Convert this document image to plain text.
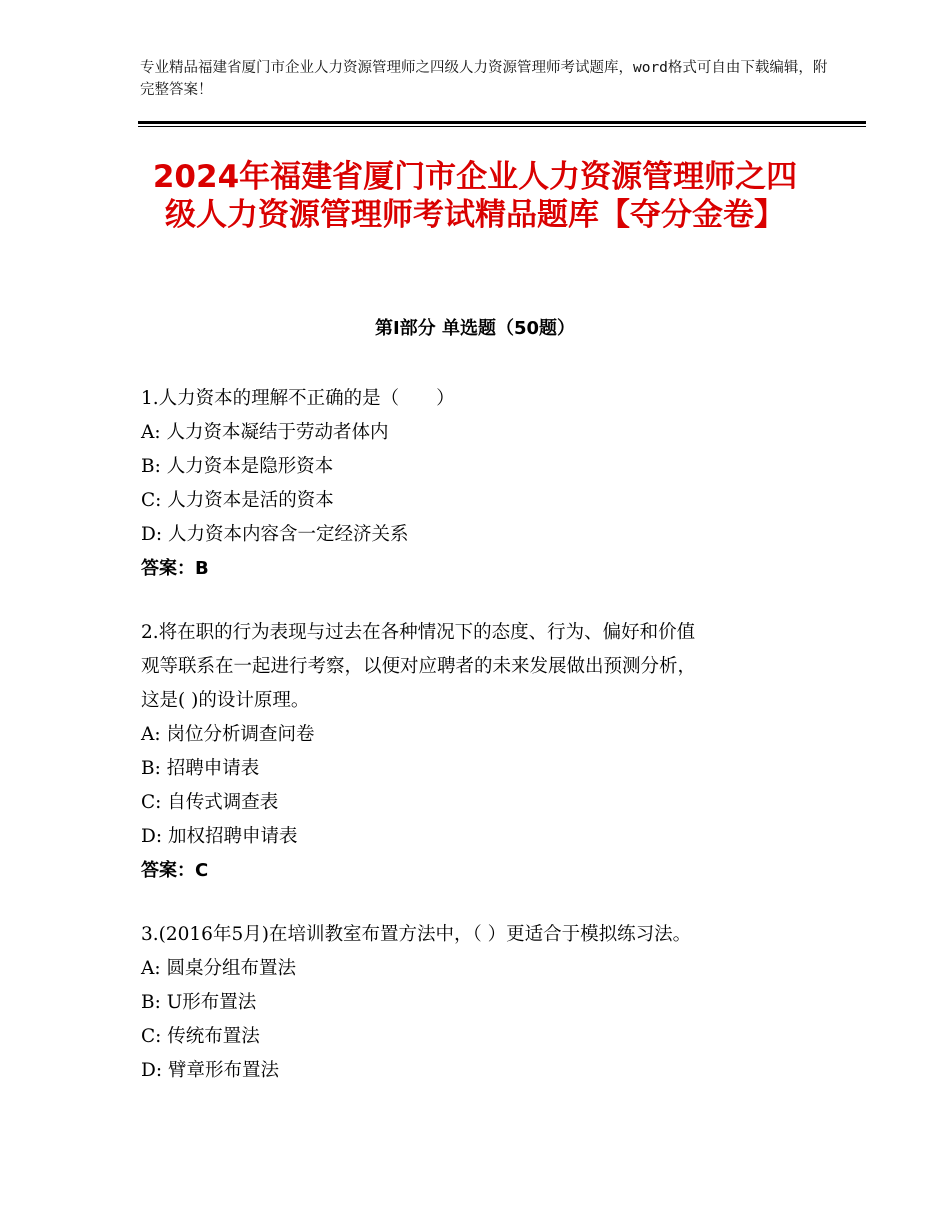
专业精品福建省厦门市企业人力资源管理师之四级人力资源管理师考试题库，word格式可自由下载编辑，附完整答案！
2024年福建省厦门市企业人力资源管理师之四级人力资源管理师考试精品题库【夺分金卷】
第Ⅰ部分 单选题（50题）
1.人力资本的理解不正确的是（　　）
A: 人力资本凝结于劳动者体内
B: 人力资本是隐形资本
C: 人力资本是活的资本
D: 人力资本内容含一定经济关系
答案：B
2.将在职的行为表现与过去在各种情况下的态度、行为、偏好和价值
观等联系在一起进行考察，以便对应聘者的未来发展做出预测分析，
这是( )的设计原理。
A: 岗位分析调查问卷
B: 招聘申请表
C: 自传式调查表
D: 加权招聘申请表
答案：C
3.(2016年5月)在培训教室布置方法中，（ ）更适合于模拟练习法。
A: 圆桌分组布置法
B: U形布置法
C: 传统布置法
D: 臂章形布置法
